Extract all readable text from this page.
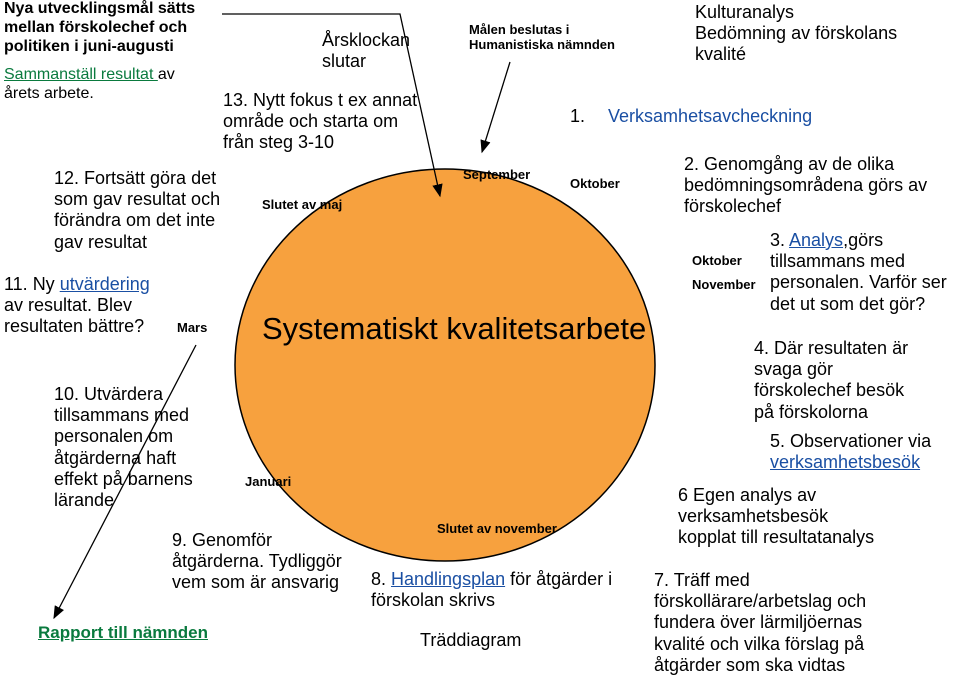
Nya utvecklingsmål sätts
mellan förskolechef och
politiken i juni-augusti
Sammanställ resultat av
årets arbete.
Årsklockan
slutar
Målen beslutas i
Humanistiska nämnden
Kulturanalys
Bedömning av förskolans
kvalité
1. Verksamhetsavcheckning
13. Nytt fokus t ex annat
område och starta om
från steg 3-10
12. Fortsätt göra det
som gav resultat och
förändra om det inte
gav resultat
11. Ny utvärdering
av resultat. Blev
resultaten bättre?
10. Utvärdera
tillsammans med
personalen om
åtgärderna haft
effekt på barnens
lärande
9. Genomför
åtgärderna. Tydliggör
vem som är ansvarig 8. Handlingsplan för åtgärder i
förskolan skrivs
Träddiagram
7. Träff med
förskollärare/arbetslag och
fundera över lärmiljöernas
kvalité och vilka förslag på
åtgärder som ska vidtas
6 Egen analys av
verksamhetsbesök
kopplat till resultatanalys
5. Observationer via
verksamhetsbesök
4. Där resultaten är
svaga gör
förskolechef besök
på förskolorna
3. Analys,görs
tillsammans med
personalen. Varför ser
det ut som det gör?
2. Genomgång av de olika
bedömningsområdena görs av
förskolechef
Rapport till nämnden
Mars
Slutet av maj
September
Oktober
Oktober
November
Januari
Slutet av november
Systematiskt kvalitetsarbete
